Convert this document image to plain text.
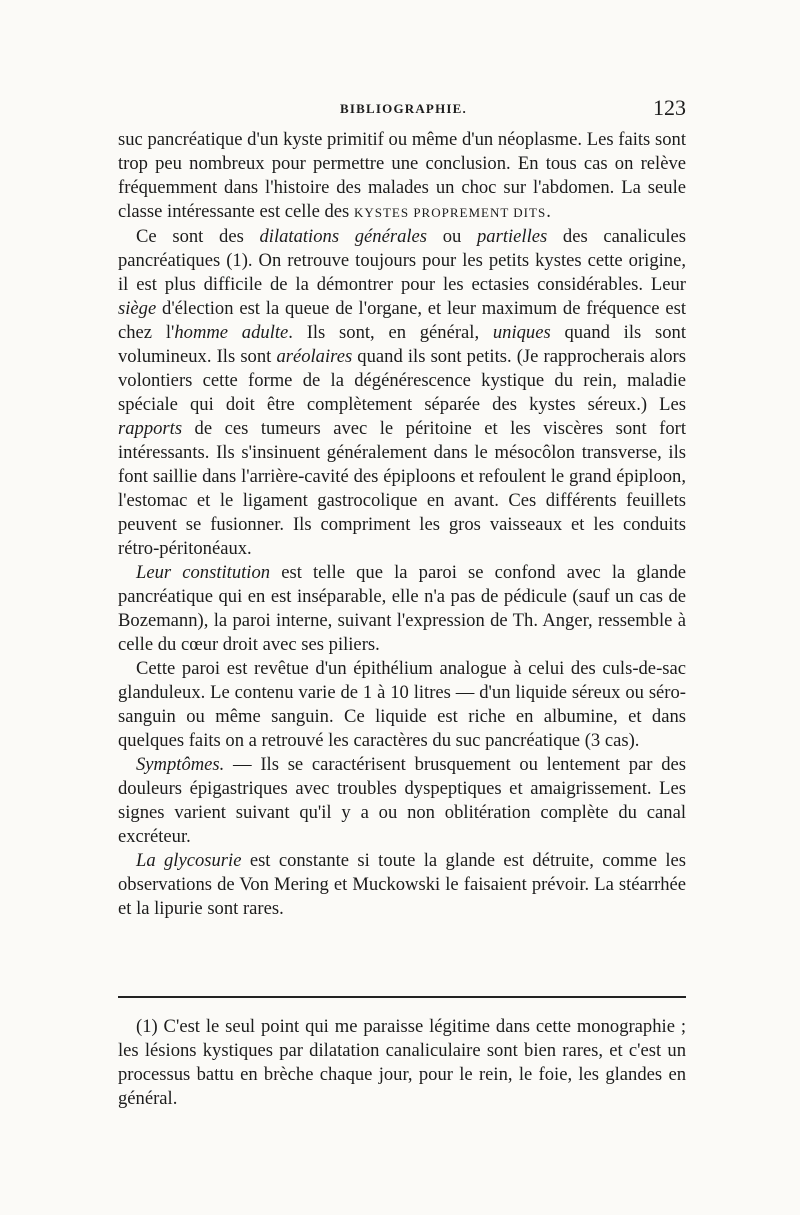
BIBLIOGRAPHIE.	123

suc pancréatique d'un kyste primitif ou même d'un néoplasme. Les faits sont trop peu nombreux pour permettre une conclusion. En tous cas on relève fréquemment dans l'histoire des malades un choc sur l'abdomen. La seule classe intéressante est celle des KYSTES PROPREMENT DITS.

Ce sont des dilatations générales ou partielles des canalicules pancréatiques (1). On retrouve toujours pour les petits kystes cette origine, il est plus difficile de la démontrer pour les ectasies considérables. Leur siège d'élection est la queue de l'organe, et leur maximum de fréquence est chez l'homme adulte. Ils sont, en général, uniques quand ils sont volumineux. Ils sont aréolaires quand ils sont petits. (Je rapprocherais alors volontiers cette forme de la dégénérescence kystique du rein, maladie spéciale qui doit être complètement séparée des kystes séreux.) Les rapports de ces tumeurs avec le péritoine et les viscères sont fort intéressants. Ils s'insinuent généralement dans le mésocôlon transverse, ils font saillie dans l'arrière-cavité des épiploons et refoulent le grand épiploon, l'estomac et le ligament gastrocolique en avant. Ces différents feuillets peuvent se fusionner. Ils compriment les gros vaisseaux et les conduits rétro-péritonéaux.

Leur constitution est telle que la paroi se confond avec la glande pancréatique qui en est inséparable, elle n'a pas de pédicule (sauf un cas de Bozemann), la paroi interne, suivant l'expression de Th. Anger, ressemble à celle du cœur droit avec ses piliers.

Cette paroi est revêtue d'un épithélium analogue à celui des culs-de-sac glanduleux. Le contenu varie de 1 à 10 litres — d'un liquide séreux ou séro-sanguin ou même sanguin. Ce liquide est riche en albumine, et dans quelques faits on a retrouvé les caractères du suc pancréatique (3 cas).

Symptômes. — Ils se caractérisent brusquement ou lentement par des douleurs épigastriques avec troubles dyspeptiques et amaigrissement. Les signes varient suivant qu'il y a ou non oblitération complète du canal excréteur.

La glycosurie est constante si toute la glande est détruite, comme les observations de Von Mering et Muckowski le faisaient prévoir. La stéarrhée et la lipurie sont rares.

(1) C'est le seul point qui me paraisse légitime dans cette monographie ; les lésions kystiques par dilatation canaliculaire sont bien rares, et c'est un processus battu en brèche chaque jour, pour le rein, le foie, les glandes en général.
